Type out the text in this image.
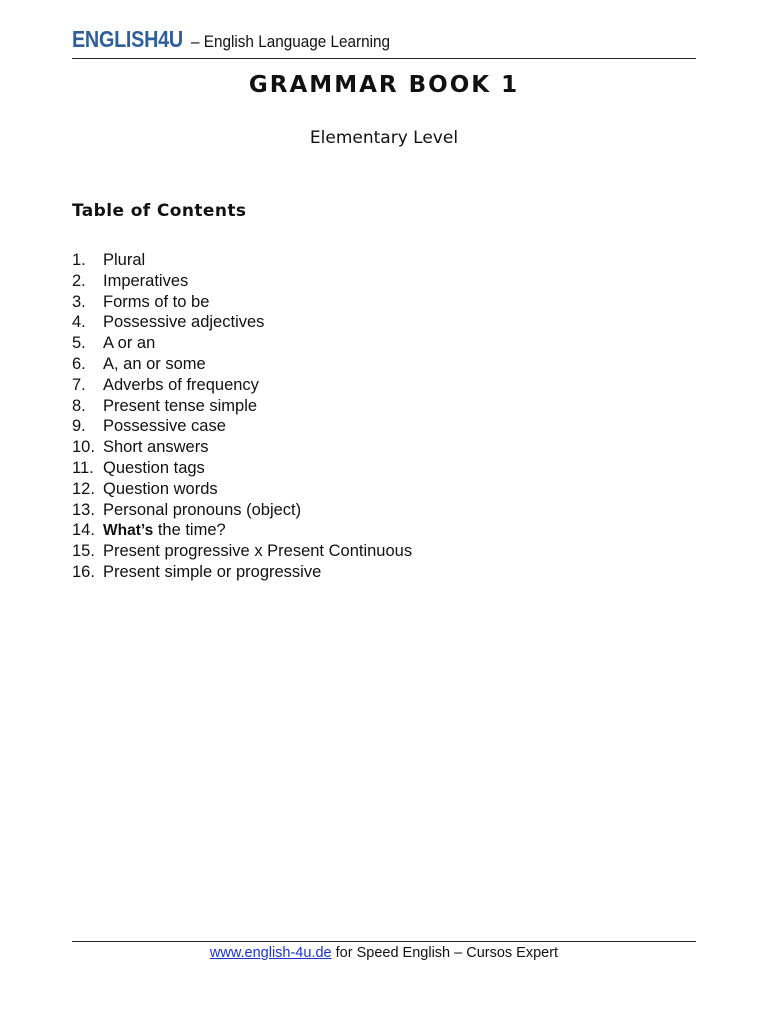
ENGLISH4U– English Language Learning
GRAMMAR BOOK 1
Elementary Level
Table of Contents
1. Plural
2. Imperatives
3. Forms of to be
4. Possessive adjectives
5. A or an
6. A, an or some
7. Adverbs of frequency
8. Present tense simple
9. Possessive case
10. Short answers
11. Question tags
12. Question words
13. Personal pronouns (object)
14. What’s the time?
15. Present progressive x Present Continuous
16. Present simple or progressive
www.english-4u.de for Speed English – Cursos Expert
